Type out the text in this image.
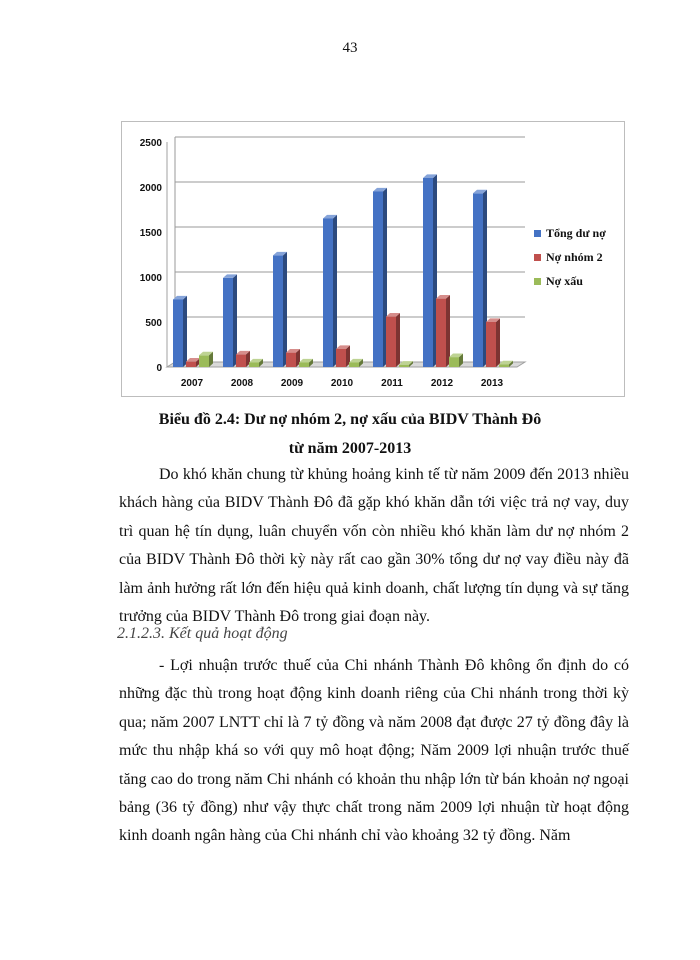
43
0
500
1000
1500
2000
2500
2007	2008	2009	2010	2011	2012	2013
Tổng dư nợ
Nợ nhóm 2
Nợ xấu
Biểu đồ 2.4: Dư nợ nhóm 2, nợ xấu của BIDV Thành Đô
từ năm 2007-2013

Do khó khăn chung từ khủng hoảng kinh tế từ năm 2009 đến 2013 nhiều khách hàng của BIDV Thành Đô đã gặp khó khăn dẫn tới việc trả nợ vay, duy trì quan hệ tín dụng, luân chuyển vốn còn nhiều khó khăn làm dư nợ nhóm 2 của BIDV Thành Đô thời kỳ này rất cao gần 30% tổng dư nợ vay điều này đã làm ảnh hưởng rất lớn đến hiệu quả kinh doanh, chất lượng tín dụng và sự tăng trưởng của BIDV Thành Đô trong giai đoạn này.

2.1.2.3. Kết quả hoạt động

- Lợi nhuận trước thuế của Chi nhánh Thành Đô không ổn định do có những đặc thù trong hoạt động kinh doanh riêng của Chi nhánh trong thời kỳ qua; năm 2007 LNTT chỉ là 7 tỷ đồng và năm 2008 đạt được 27 tỷ đồng đây là mức thu nhập khá so với quy mô hoạt động; Năm 2009 lợi nhuận trước thuế tăng cao do trong năm Chi nhánh có khoản thu nhập lớn từ bán khoản nợ ngoại bảng (36 tỷ đồng) như vậy thực chất trong năm 2009 lợi nhuận từ hoạt động kinh doanh ngân hàng của Chi nhánh chỉ vào khoảng 32 tỷ đồng. Năm
